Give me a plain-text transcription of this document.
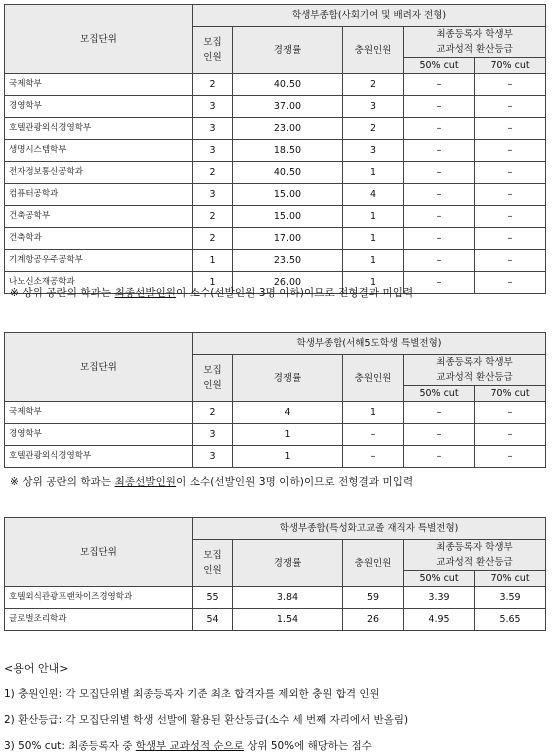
모집단위	학생부종합(사회기여 및 배려자 전형)				

	모집
인원	경쟁률	충원인원	최종등록자 학생부
교과성적 환산등급	

				50% cut	70% cut
국제학부	2	40.50	2	–	–
경영학부	3	37.00	3	–	–
호텔관광외식경영학부	3	23.00	2	–	–
생명시스템학부	3	18.50	3	–	–
전자정보통신공학과	2	40.50	1	–	–
컴퓨터공학과	3	15.00	4	–	–
건축공학부	2	15.00	1	–	–
건축학과	2	17.00	1	–	–
기계항공우주공학부	1	23.50	1	–	–
나노신소재공학과	1	26.00	1	–	–
※ 상위 공란의 학과는 최종선발인원이 소수(선발인원 3명 이하)이므로 전형결과 미입력
모집단위	학생부종합(서해5도학생 특별전형)				

	모집
인원	경쟁률	충원인원	최종등록자 학생부
교과성적 환산등급	

				50% cut	70% cut
국제학부	2	4	1	–	–
경영학부	3	1	–	–	–
호텔관광외식경영학부	3	1	–	–	–
※ 상위 공란의 학과는 최종선발인원이 소수(선발인원 3명 이하)이므로 전형결과 미입력
모집단위	학생부종합(특성화고교졸 재직자 특별전형)				

	모집
인원	경쟁률	충원인원	최종등록자 학생부
교과성적 환산등급	

				50% cut	70% cut
호텔외식관광프랜차이즈경영학과	55	3.84	59	3.39	3.59
글로벌조리학과	54	1.54	26	4.95	5.65
<용어 안내>
1) 충원인원: 각 모집단위별 최종등록자 기준 최초 합격자를 제외한 충원 합격 인원
2) 환산등급: 각 모집단위별 학생 선발에 활용된 환산등급(소수 세 번째 자리에서 반올림)
3) 50% cut: 최종등록자 중 학생부 교과성적 순으로 상위 50%에 해당하는 점수
